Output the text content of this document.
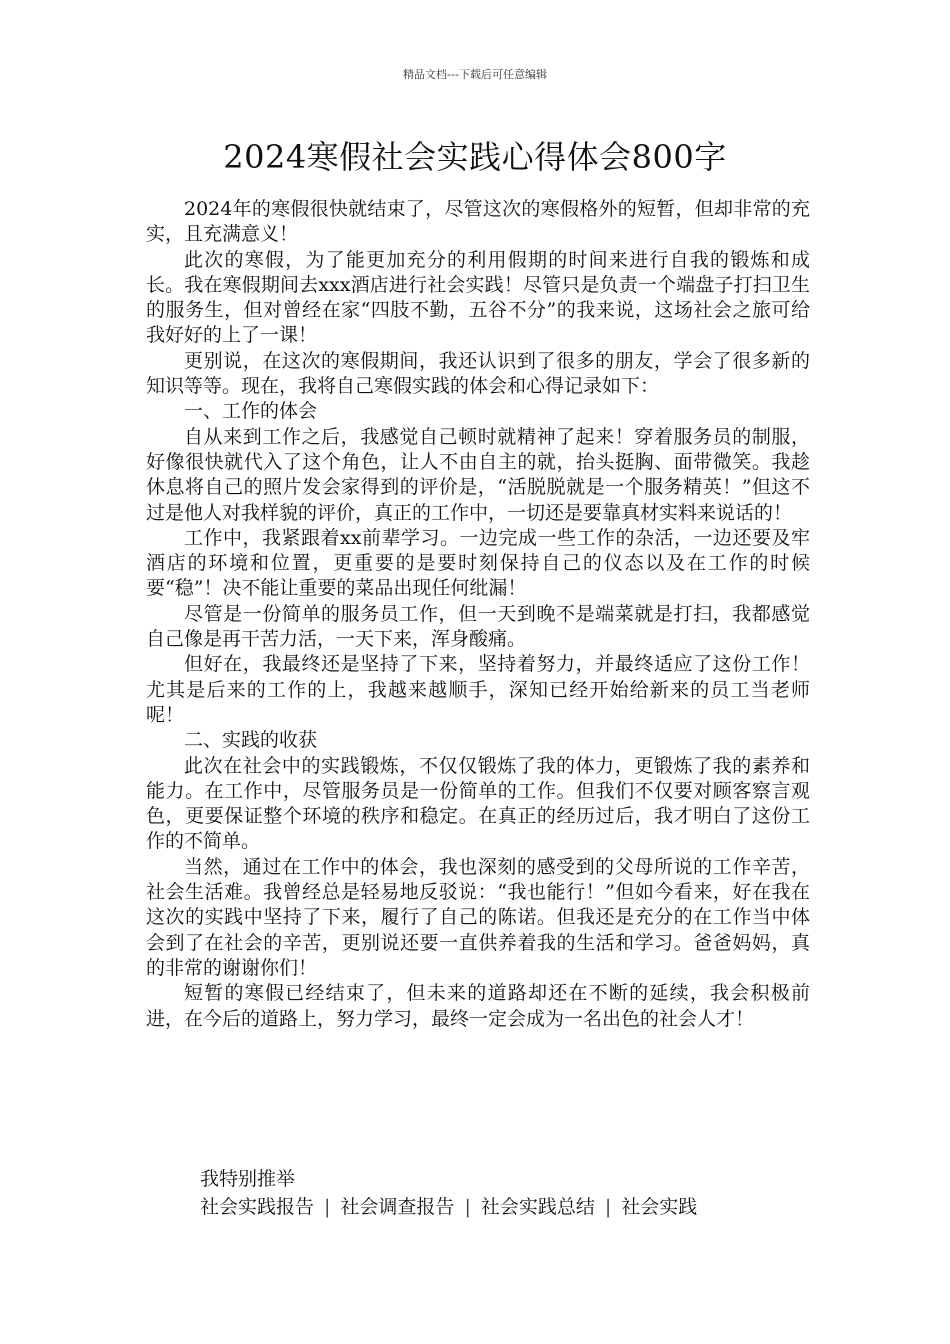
精品文档---下载后可任意编辑
2024寒假社会实践心得体会800字

2024年的寒假很快就结束了，尽管这次的寒假格外的短暂，但却非常的充实，且充满意义！

此次的寒假，为了能更加充分的利用假期的时间来进行自我的锻炼和成长。我在寒假期间去xxx酒店进行社会实践！尽管只是负责一个端盘子打扫卫生的服务生，但对曾经在家“四肢不勤，五谷不分”的我来说，这场社会之旅可给我好好的上了一课！

更别说，在这次的寒假期间，我还认识到了很多的朋友，学会了很多新的知识等等。现在，我将自己寒假实践的体会和心得记录如下：

一、工作的体会

自从来到工作之后，我感觉自己顿时就精神了起来！穿着服务员的制服，好像很快就代入了这个角色，让人不由自主的就，抬头挺胸、面带微笑。我趁休息将自己的照片发会家得到的评价是，“活脱脱就是一个服务精英！”但这不过是他人对我样貌的评价，真正的工作中，一切还是要靠真材实料来说话的！

工作中，我紧跟着xx前辈学习。一边完成一些工作的杂活，一边还要及牢酒店的环境和位置，更重要的是要时刻保持自己的仪态以及在工作的时候要“稳”！决不能让重要的菜品出现任何纰漏！

尽管是一份简单的服务员工作，但一天到晚不是端菜就是打扫，我都感觉自己像是再干苦力活，一天下来，浑身酸痛。

但好在，我最终还是坚持了下来，坚持着努力，并最终适应了这份工作！尤其是后来的工作的上，我越来越顺手，深知已经开始给新来的员工当老师呢！

二、实践的收获

此次在社会中的实践锻炼，不仅仅锻炼了我的体力，更锻炼了我的素养和能力。在工作中，尽管服务员是一份简单的工作。但我们不仅要对顾客察言观色，更要保证整个环境的秩序和稳定。在真正的经历过后，我才明白了这份工作的不简单。

当然，通过在工作中的体会，我也深刻的感受到的父母所说的工作辛苦，社会生活难。我曾经总是轻易地反驳说：“我也能行！”但如今看来，好在我在这次的实践中坚持了下来，履行了自己的陈诺。但我还是充分的在工作当中体会到了在社会的辛苦，更别说还要一直供养着我的生活和学习。爸爸妈妈，真的非常的谢谢你们！

短暂的寒假已经结束了，但未来的道路却还在不断的延续，我会积极前进，在今后的道路上，努力学习，最终一定会成为一名出色的社会人才！

我特别推举

社会实践报告 | 社会调查报告 | 社会实践总结 | 社会实践
